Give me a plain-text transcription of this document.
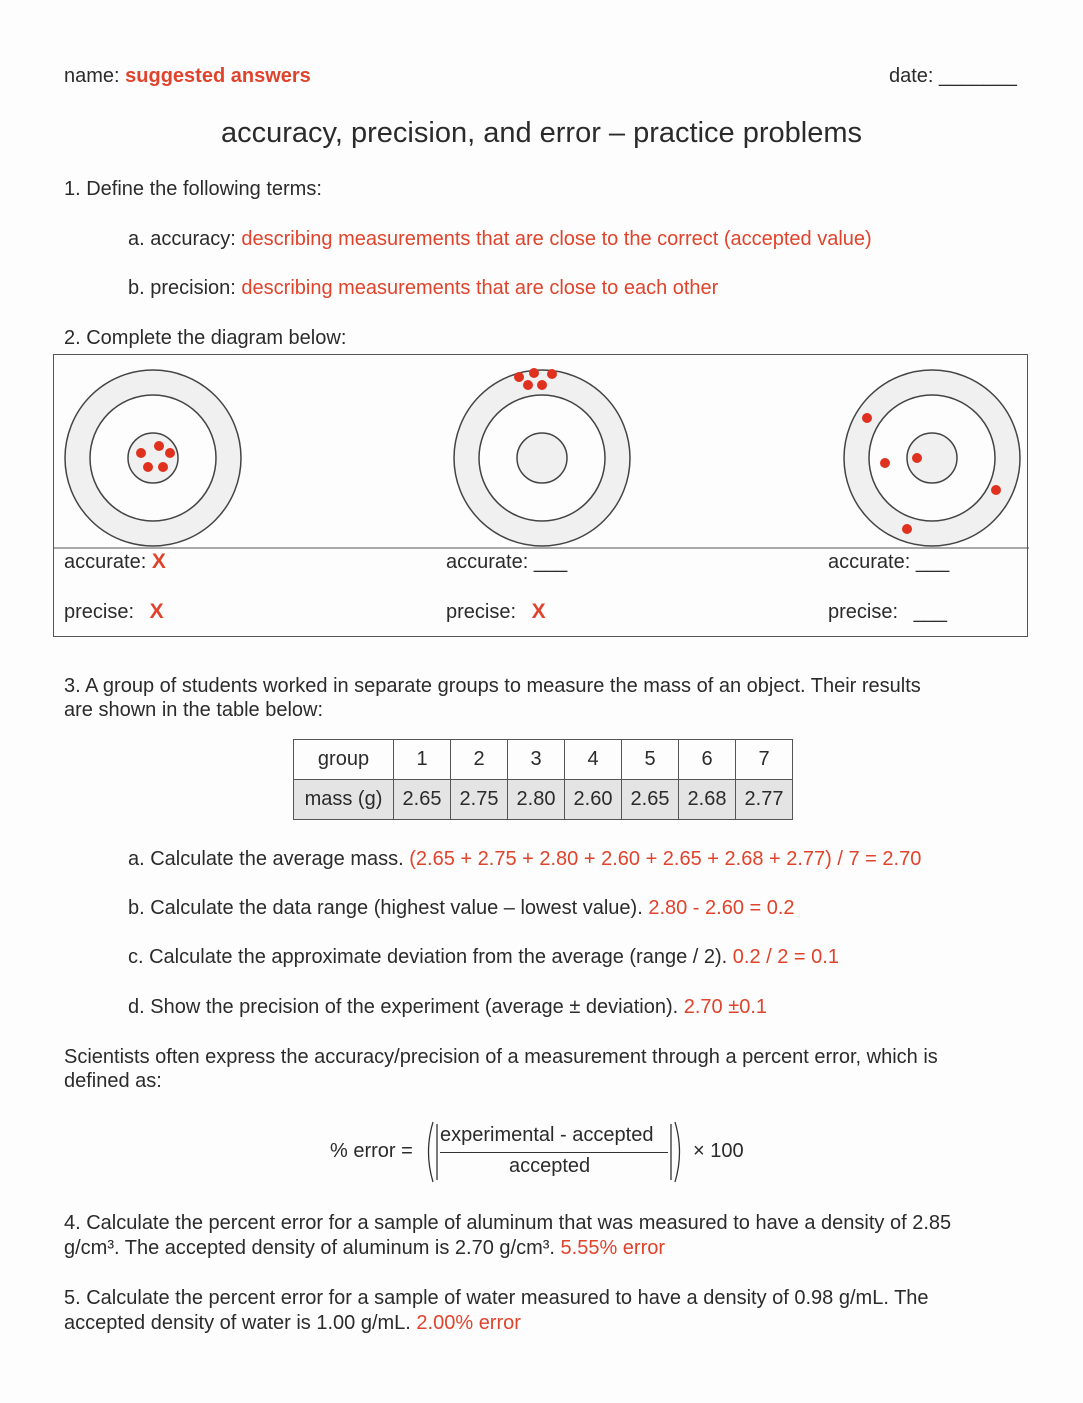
name: suggested answers	date: _______
accuracy, precision, and error – practice problems
1. Define the following terms:
a. accuracy: describing measurements that are close to the correct (accepted value)
b. precision: describing measurements that are close to each other
2. Complete the diagram below:
accurate: X
precise: X
accurate: ___
precise: X
accurate: ___
precise: ___
3. A group of students worked in separate groups to measure the mass of an object. Their results
are shown in the table below:
group	1	2	3	4	5	6	7
mass (g)	2.65	2.75	2.80	2.60	2.65	2.68	2.77
a. Calculate the average mass. (2.65 + 2.75 + 2.80 + 2.60 + 2.65 + 2.68 + 2.77) / 7 = 2.70
b. Calculate the data range (highest value – lowest value). 2.80 - 2.60 = 0.2
c. Calculate the approximate deviation from the average (range / 2). 0.2 / 2 = 0.1
d. Show the precision of the experiment (average ± deviation). 2.70 ±0.1
Scientists often express the accuracy/precision of a measurement through a percent error, which is
defined as:
% error =
experimental - accepted
accepted
× 100
4. Calculate the percent error for a sample of aluminum that was measured to have a density of 2.85
g/cm³. The accepted density of aluminum is 2.70 g/cm³. 5.55% error
5. Calculate the percent error for a sample of water measured to have a density of 0.98 g/mL. The
accepted density of water is 1.00 g/mL. 2.00% error
